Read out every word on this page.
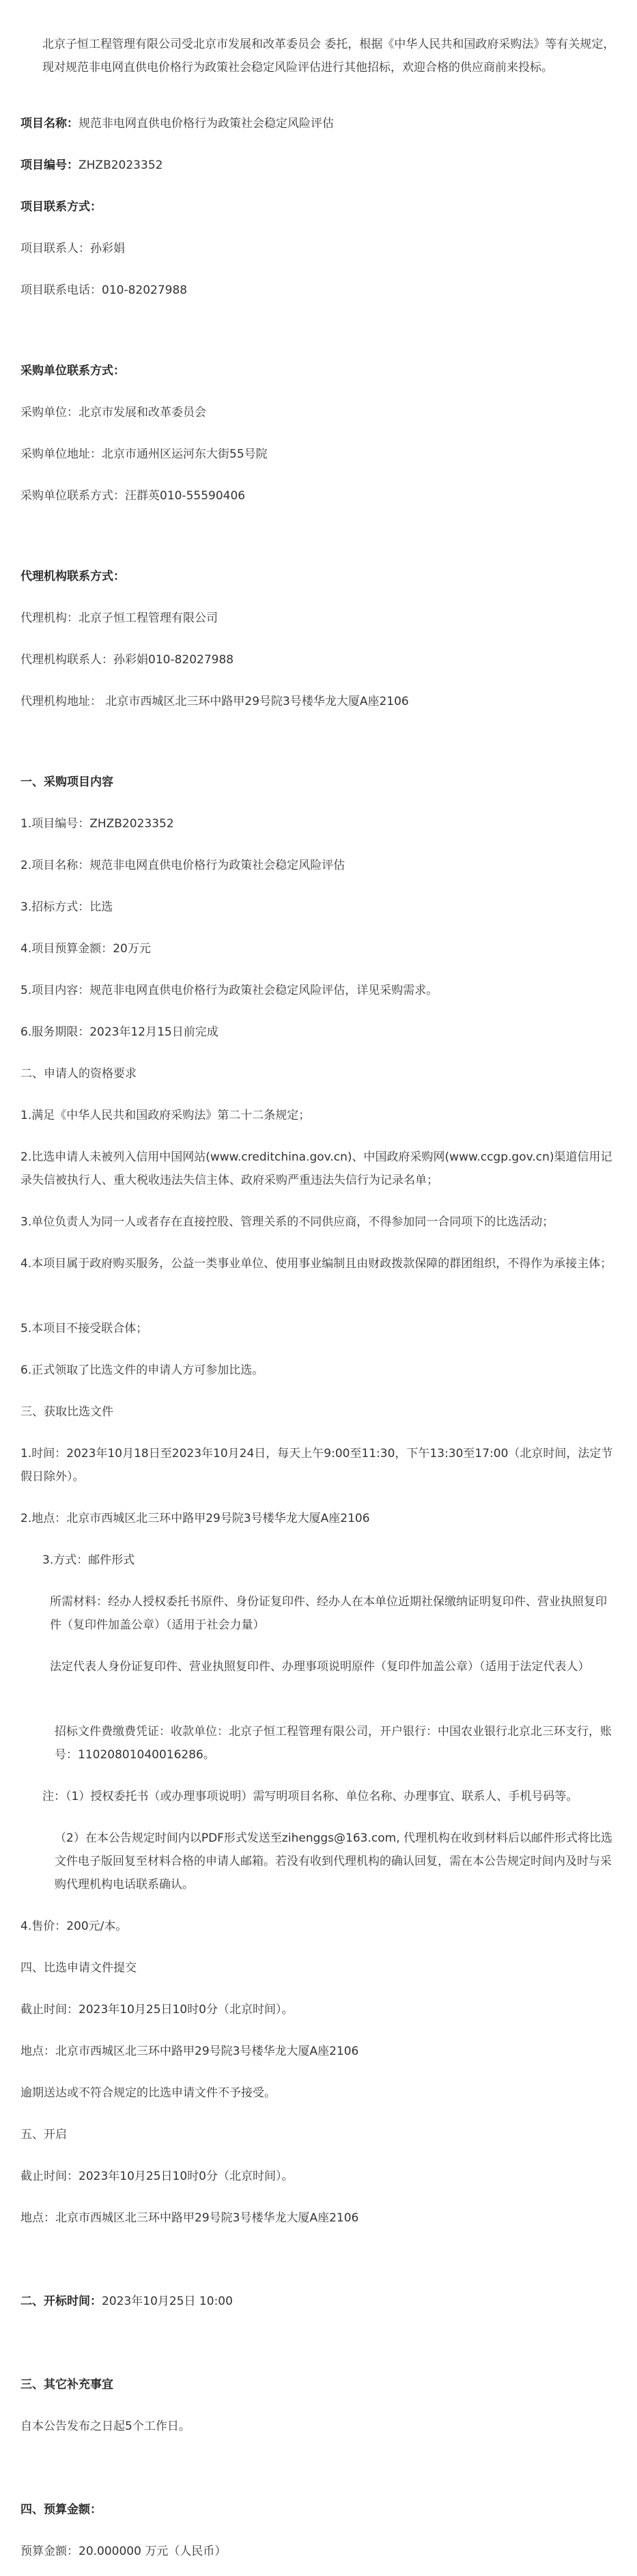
北京子恒工程管理有限公司受北京市发展和改革委员会 委托，根据《中华人民共和国政府采购法》等有关规定，现对规范非电网直供电价格行为政策社会稳定风险评估进行其他招标，欢迎合格的供应商前来投标。

项目名称：规范非电网直供电价格行为政策社会稳定风险评估

项目编号：ZHZB2023352

项目联系方式：

项目联系人：孙彩娟

项目联系电话：010-82027988

采购单位联系方式：

采购单位：北京市发展和改革委员会

采购单位地址：北京市通州区运河东大街55号院

采购单位联系方式：汪群英010-55590406

代理机构联系方式：

代理机构：北京子恒工程管理有限公司

代理机构联系人：孙彩娟010-82027988

代理机构地址： 北京市西城区北三环中路甲29号院3号楼华龙大厦A座2106

一、采购项目内容

1.项目编号：ZHZB2023352

2.项目名称：规范非电网直供电价格行为政策社会稳定风险评估

3.招标方式：比选

4.项目预算金额：20万元

5.项目内容：规范非电网直供电价格行为政策社会稳定风险评估，详见采购需求。

6.服务期限：2023年12月15日前完成

二、申请人的资格要求

1.满足《中华人民共和国政府采购法》第二十二条规定；

2.比选申请人未被列入信用中国网站(www.creditchina.gov.cn)、中国政府采购网(www.ccgp.gov.cn)渠道信用记录失信被执行人、重大税收违法失信主体、政府采购严重违法失信行为记录名单；

3.单位负责人为同一人或者存在直接控股、管理关系的不同供应商，不得参加同一合同项下的比选活动；

4.本项目属于政府购买服务，公益一类事业单位、使用事业编制且由财政拨款保障的群团组织，不得作为承接主体；

5.本项目不接受联合体；

6.正式领取了比选文件的申请人方可参加比选。

三、获取比选文件

1.时间：2023年10月18日至2023年10月24日，每天上午9:00至11:30，下午13:30至17:00（北京时间，法定节假日除外）。

2.地点：北京市西城区北三环中路甲29号院3号楼华龙大厦A座2106

3.方式：邮件形式

所需材料：经办人授权委托书原件、身份证复印件、经办人在本单位近期社保缴纳证明复印件、营业执照复印件（复印件加盖公章）（适用于社会力量）

法定代表人身份证复印件、营业执照复印件、办理事项说明原件（复印件加盖公章）（适用于法定代表人）

招标文件费缴费凭证：收款单位：北京子恒工程管理有限公司，开户银行：中国农业银行北京北三环支行，账号：11020801040016286。

注：（1）授权委托书（或办理事项说明）需写明项目名称、单位名称、办理事宜、联系人、手机号码等。

（2）在本公告规定时间内以PDF形式发送至zihenggs@163.com, 代理机构在收到材料后以邮件形式将比选文件电子版回复至材料合格的申请人邮箱。若没有收到代理机构的确认回复，需在本公告规定时间内及时与采购代理机构电话联系确认。

4.售价：200元/本。

四、比选申请文件提交

截止时间：2023年10月25日10时0分（北京时间）。

地点：北京市西城区北三环中路甲29号院3号楼华龙大厦A座2106

逾期送达或不符合规定的比选申请文件不予接受。

五、开启

截止时间：2023年10月25日10时0分（北京时间）。

地点：北京市西城区北三环中路甲29号院3号楼华龙大厦A座2106

二、开标时间：2023年10月25日 10:00

三、其它补充事宜

自本公告发布之日起5个工作日。

四、预算金额：

预算金额：20.000000 万元（人民币）
